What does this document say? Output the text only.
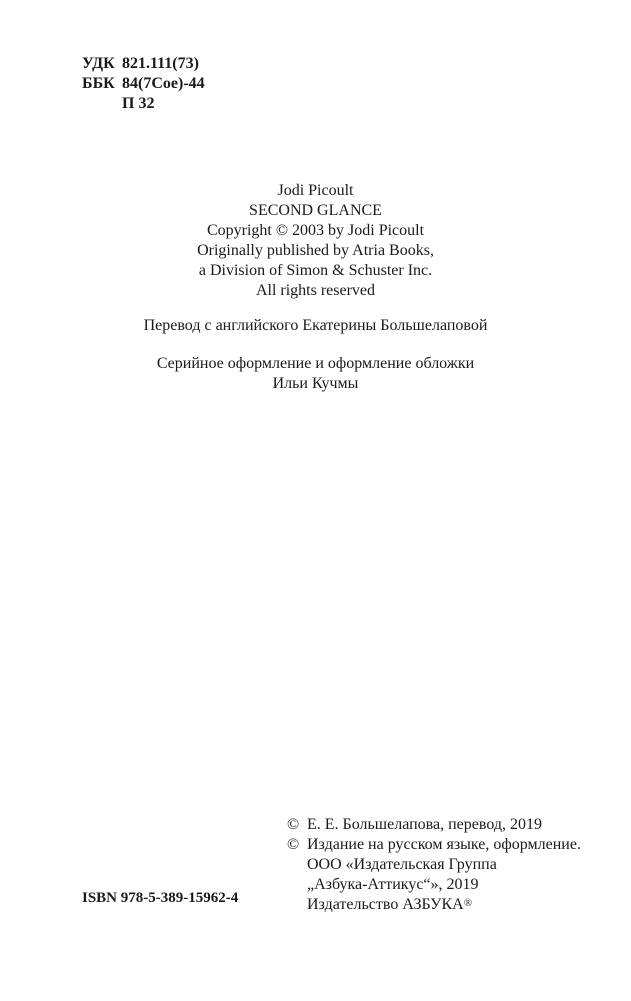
УДК 821.111(73)
ББК 84(7Сое)-44
П 32
Jodi Picoult
SECOND GLANCE
Copyright © 2003 by Jodi Picoult
Originally published by Atria Books,
a Division of Simon & Schuster Inc.
All rights reserved
Перевод с английского Екатерины Большелаповой
Серийное оформление и оформление обложки
Ильи Кучмы
© Е. Е. Большелапова, перевод, 2019
© Издание на русском языке, оформление.
ООО «Издательская Группа
„Азбука-Аттикус“», 2019
Издательство АЗБУКА®
ISBN 978-5-389-15962-4
